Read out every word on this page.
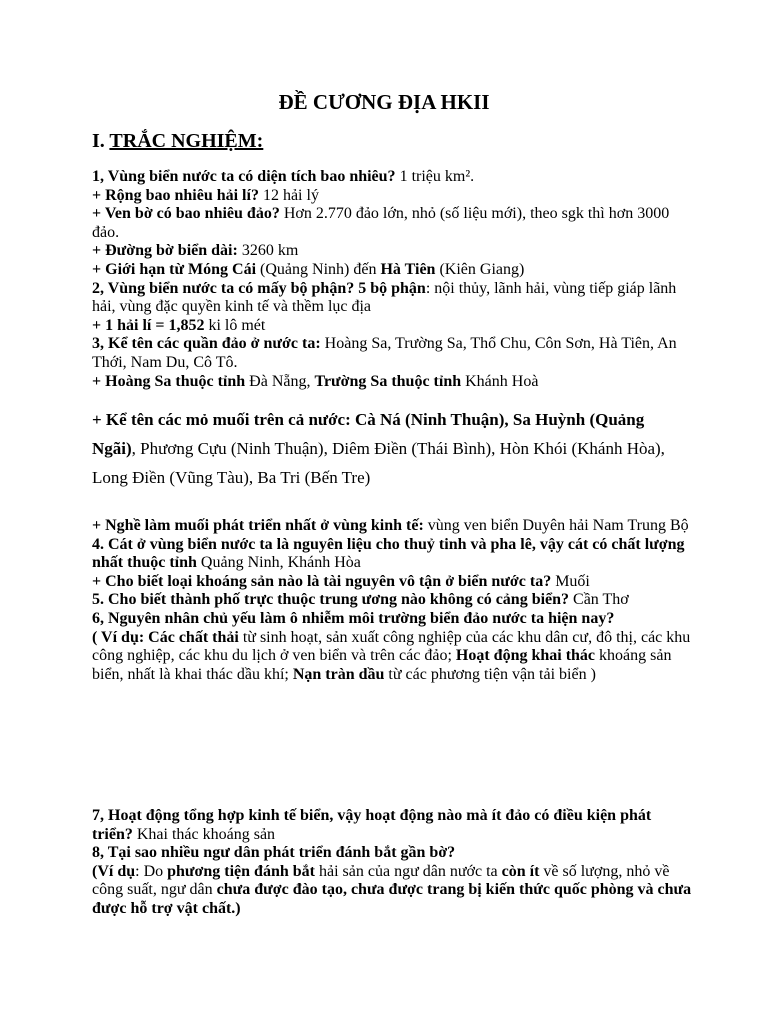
ĐỀ CƯƠNG ĐỊA HKII
I. TRẮC NGHIỆM:

1, Vùng biển nước ta có diện tích bao nhiêu? 1 triệu km².

+ Rộng bao nhiêu hải lí? 12 hải lý

+ Ven bờ có bao nhiêu đảo? Hơn 2.770 đảo lớn, nhỏ (số liệu mới), theo sgk thì hơn 3000 đảo.

+ Đường bờ biển dài: 3260 km

+ Giới hạn từ Móng Cái (Quảng Ninh) đến Hà Tiên (Kiên Giang)

2, Vùng biển nước ta có mấy bộ phận? 5 bộ phận: nội thủy, lãnh hải, vùng tiếp giáp lãnh hải, vùng đặc quyền kinh tế và thềm lục địa

+ 1 hải lí = 1,852 ki lô mét

3, Kể tên các quần đảo ở nước ta: Hoàng Sa, Trường Sa, Thổ Chu, Côn Sơn, Hà Tiên, An Thới, Nam Du, Cô Tô.

+ Hoàng Sa thuộc tỉnh Đà Nẵng, Trường Sa thuộc tỉnh Khánh Hoà

+ Kể tên các mỏ muối trên cả nước: Cà Ná (Ninh Thuận), Sa Huỳnh (Quảng Ngãi), Phương Cựu (Ninh Thuận), Diêm Điền (Thái Bình), Hòn Khói (Khánh Hòa), Long Điền (Vũng Tàu), Ba Tri (Bến Tre)

+ Nghề làm muối phát triển nhất ở vùng kinh tế: vùng ven biển Duyên hải Nam Trung Bộ

4. Cát ở vùng biển nước ta là nguyên liệu cho thuỷ tinh và pha lê, vậy cát có chất lượng nhất thuộc tỉnh Quảng Ninh, Khánh Hòa

+ Cho biết loại khoáng sản nào là tài nguyên vô tận ở biển nước ta? Muối

5. Cho biết thành phố trực thuộc trung ương nào không có cảng biển? Cần Thơ

6, Nguyên nhân chủ yếu làm ô nhiễm môi trường biển đảo nước ta hiện nay?

( Ví dụ: Các chất thải từ sinh hoạt, sản xuất công nghiệp của các khu dân cư, đô thị, các khu công nghiệp, các khu du lịch ở ven biển và trên các đảo; Hoạt động khai thác khoáng sản biển, nhất là khai thác dầu khí; Nạn tràn dầu từ các phương tiện vận tải biển )

7, Hoạt động tổng hợp kinh tế biển, vậy hoạt động nào mà ít đảo có điều kiện phát triển? Khai thác khoáng sản

8, Tại sao nhiều ngư dân phát triển đánh bắt gần bờ?

(Ví dụ: Do phương tiện đánh bắt hải sản của ngư dân nước ta còn ít về số lượng, nhỏ về công suất, ngư dân chưa được đào tạo, chưa được trang bị kiến thức quốc phòng và chưa được hỗ trợ vật chất.)
